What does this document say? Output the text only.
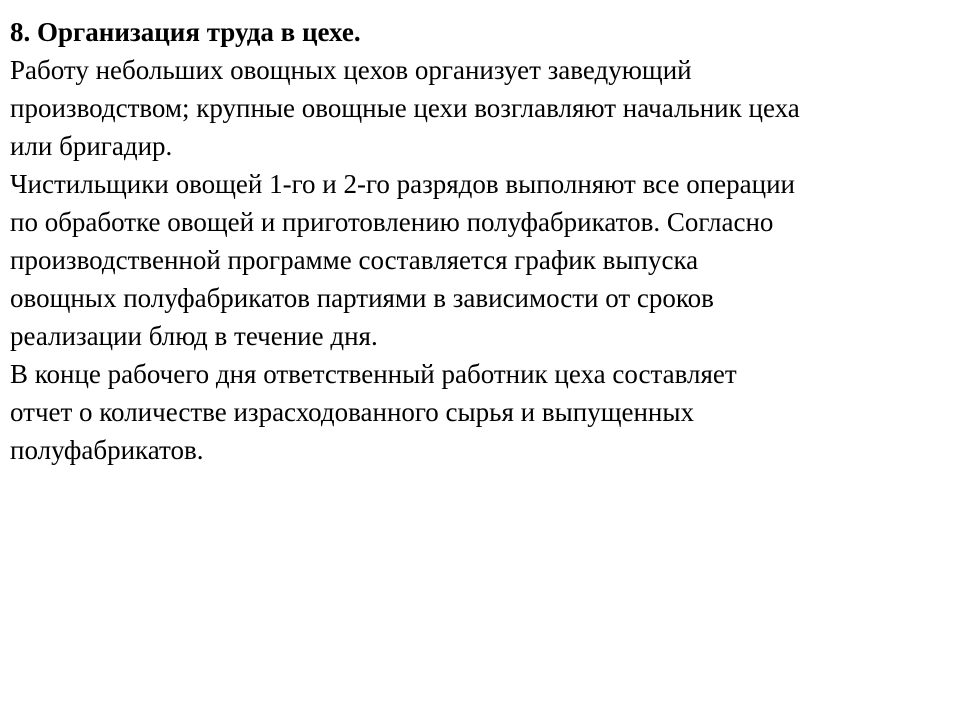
8. Организация труда в цехе.
Работу небольших овощных цехов организует заведующий
производством; крупные овощные цехи возглавляют начальник цеха
или бригадир.
Чистильщики овощей 1-го и 2-го разрядов выполняют все операции
по обработке овощей и приготовлению полуфабрикатов. Согласно
производственной программе составляется график выпуска
овощных полуфабрикатов партиями в зависимости от сроков
реализации блюд в течение дня.
В конце рабочего дня ответственный работник цеха составляет
отчет о количестве израсходованного сырья и выпущенных
полуфабрикатов.
